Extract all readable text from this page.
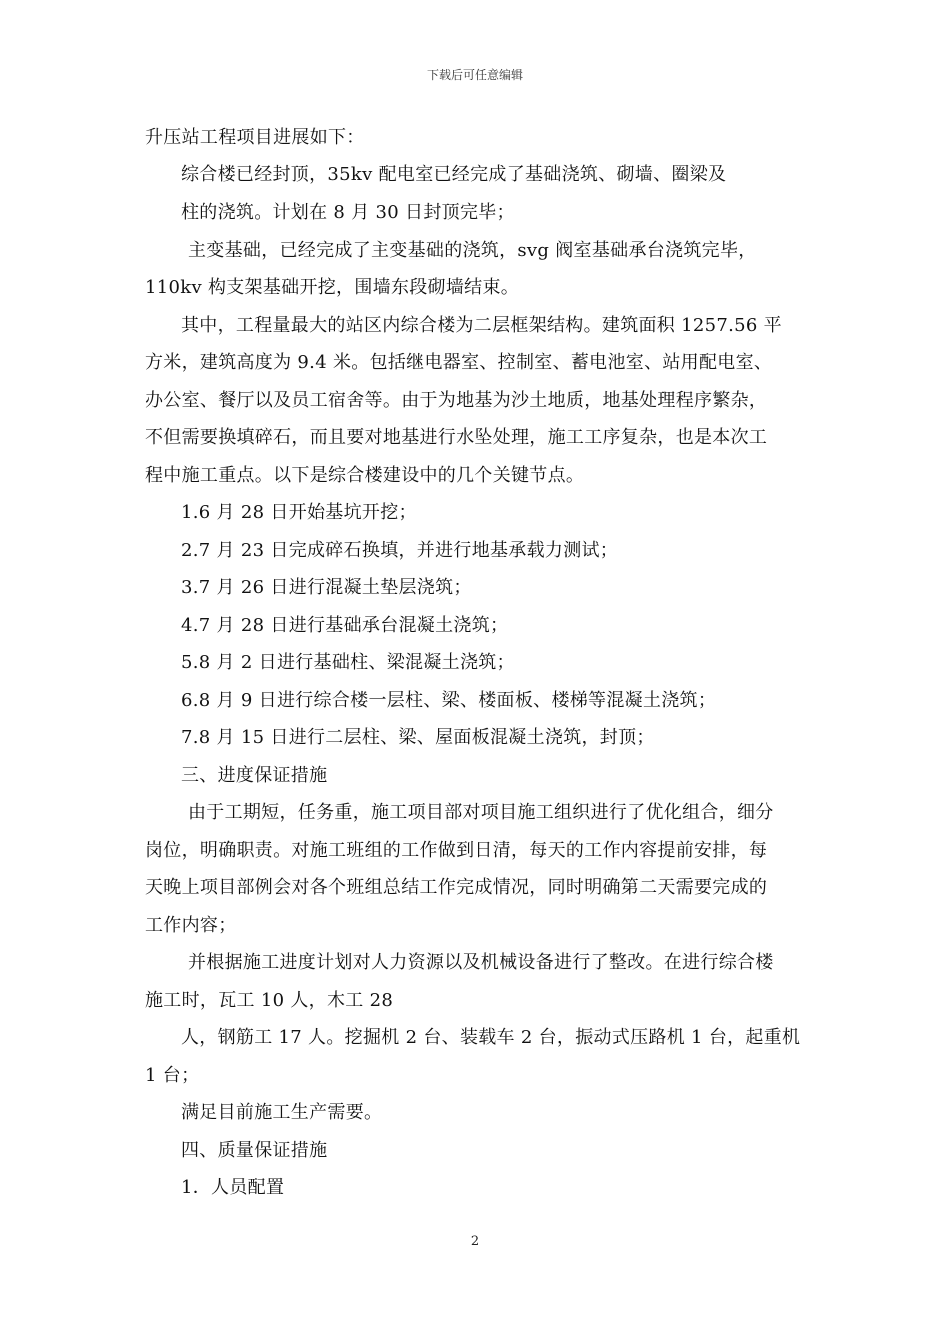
下载后可任意编辑
升压站工程项目进展如下：
综合楼已经封顶，35kv 配电室已经完成了基础浇筑、砌墙、圈梁及
柱的浇筑。计划在 8 月 30 日封顶完毕；
主变基础，已经完成了主变基础的浇筑，svg 阀室基础承台浇筑完毕，
110kv 构支架基础开挖，围墙东段砌墙结束。
其中，工程量最大的站区内综合楼为二层框架结构。建筑面积 1257.56 平
方米，建筑高度为 9.4 米。包括继电器室、控制室、蓄电池室、站用配电室、
办公室、餐厅以及员工宿舍等。由于为地基为沙土地质，地基处理程序繁杂，
不但需要换填碎石，而且要对地基进行水坠处理，施工工序复杂，也是本次工
程中施工重点。以下是综合楼建设中的几个关键节点。
1.6 月 28 日开始基坑开挖；
2.7 月 23 日完成碎石换填，并进行地基承载力测试；
3.7 月 26 日进行混凝土垫层浇筑；
4.7 月 28 日进行基础承台混凝土浇筑；
5.8 月 2 日进行基础柱、梁混凝土浇筑；
6.8 月 9 日进行综合楼一层柱、梁、楼面板、楼梯等混凝土浇筑；
7.8 月 15 日进行二层柱、梁、屋面板混凝土浇筑，封顶；
三、进度保证措施
由于工期短，任务重，施工项目部对项目施工组织进行了优化组合，细分
岗位，明确职责。对施工班组的工作做到日清，每天的工作内容提前安排，每
天晚上项目部例会对各个班组总结工作完成情况，同时明确第二天需要完成的
工作内容；
并根据施工进度计划对人力资源以及机械设备进行了整改。在进行综合楼
施工时，瓦工 10 人，木工 28
人，钢筋工 17 人。挖掘机 2 台、装载车 2 台，振动式压路机 1 台，起重机
1 台；
满足目前施工生产需要。
四、质量保证措施
1．人员配置
2
